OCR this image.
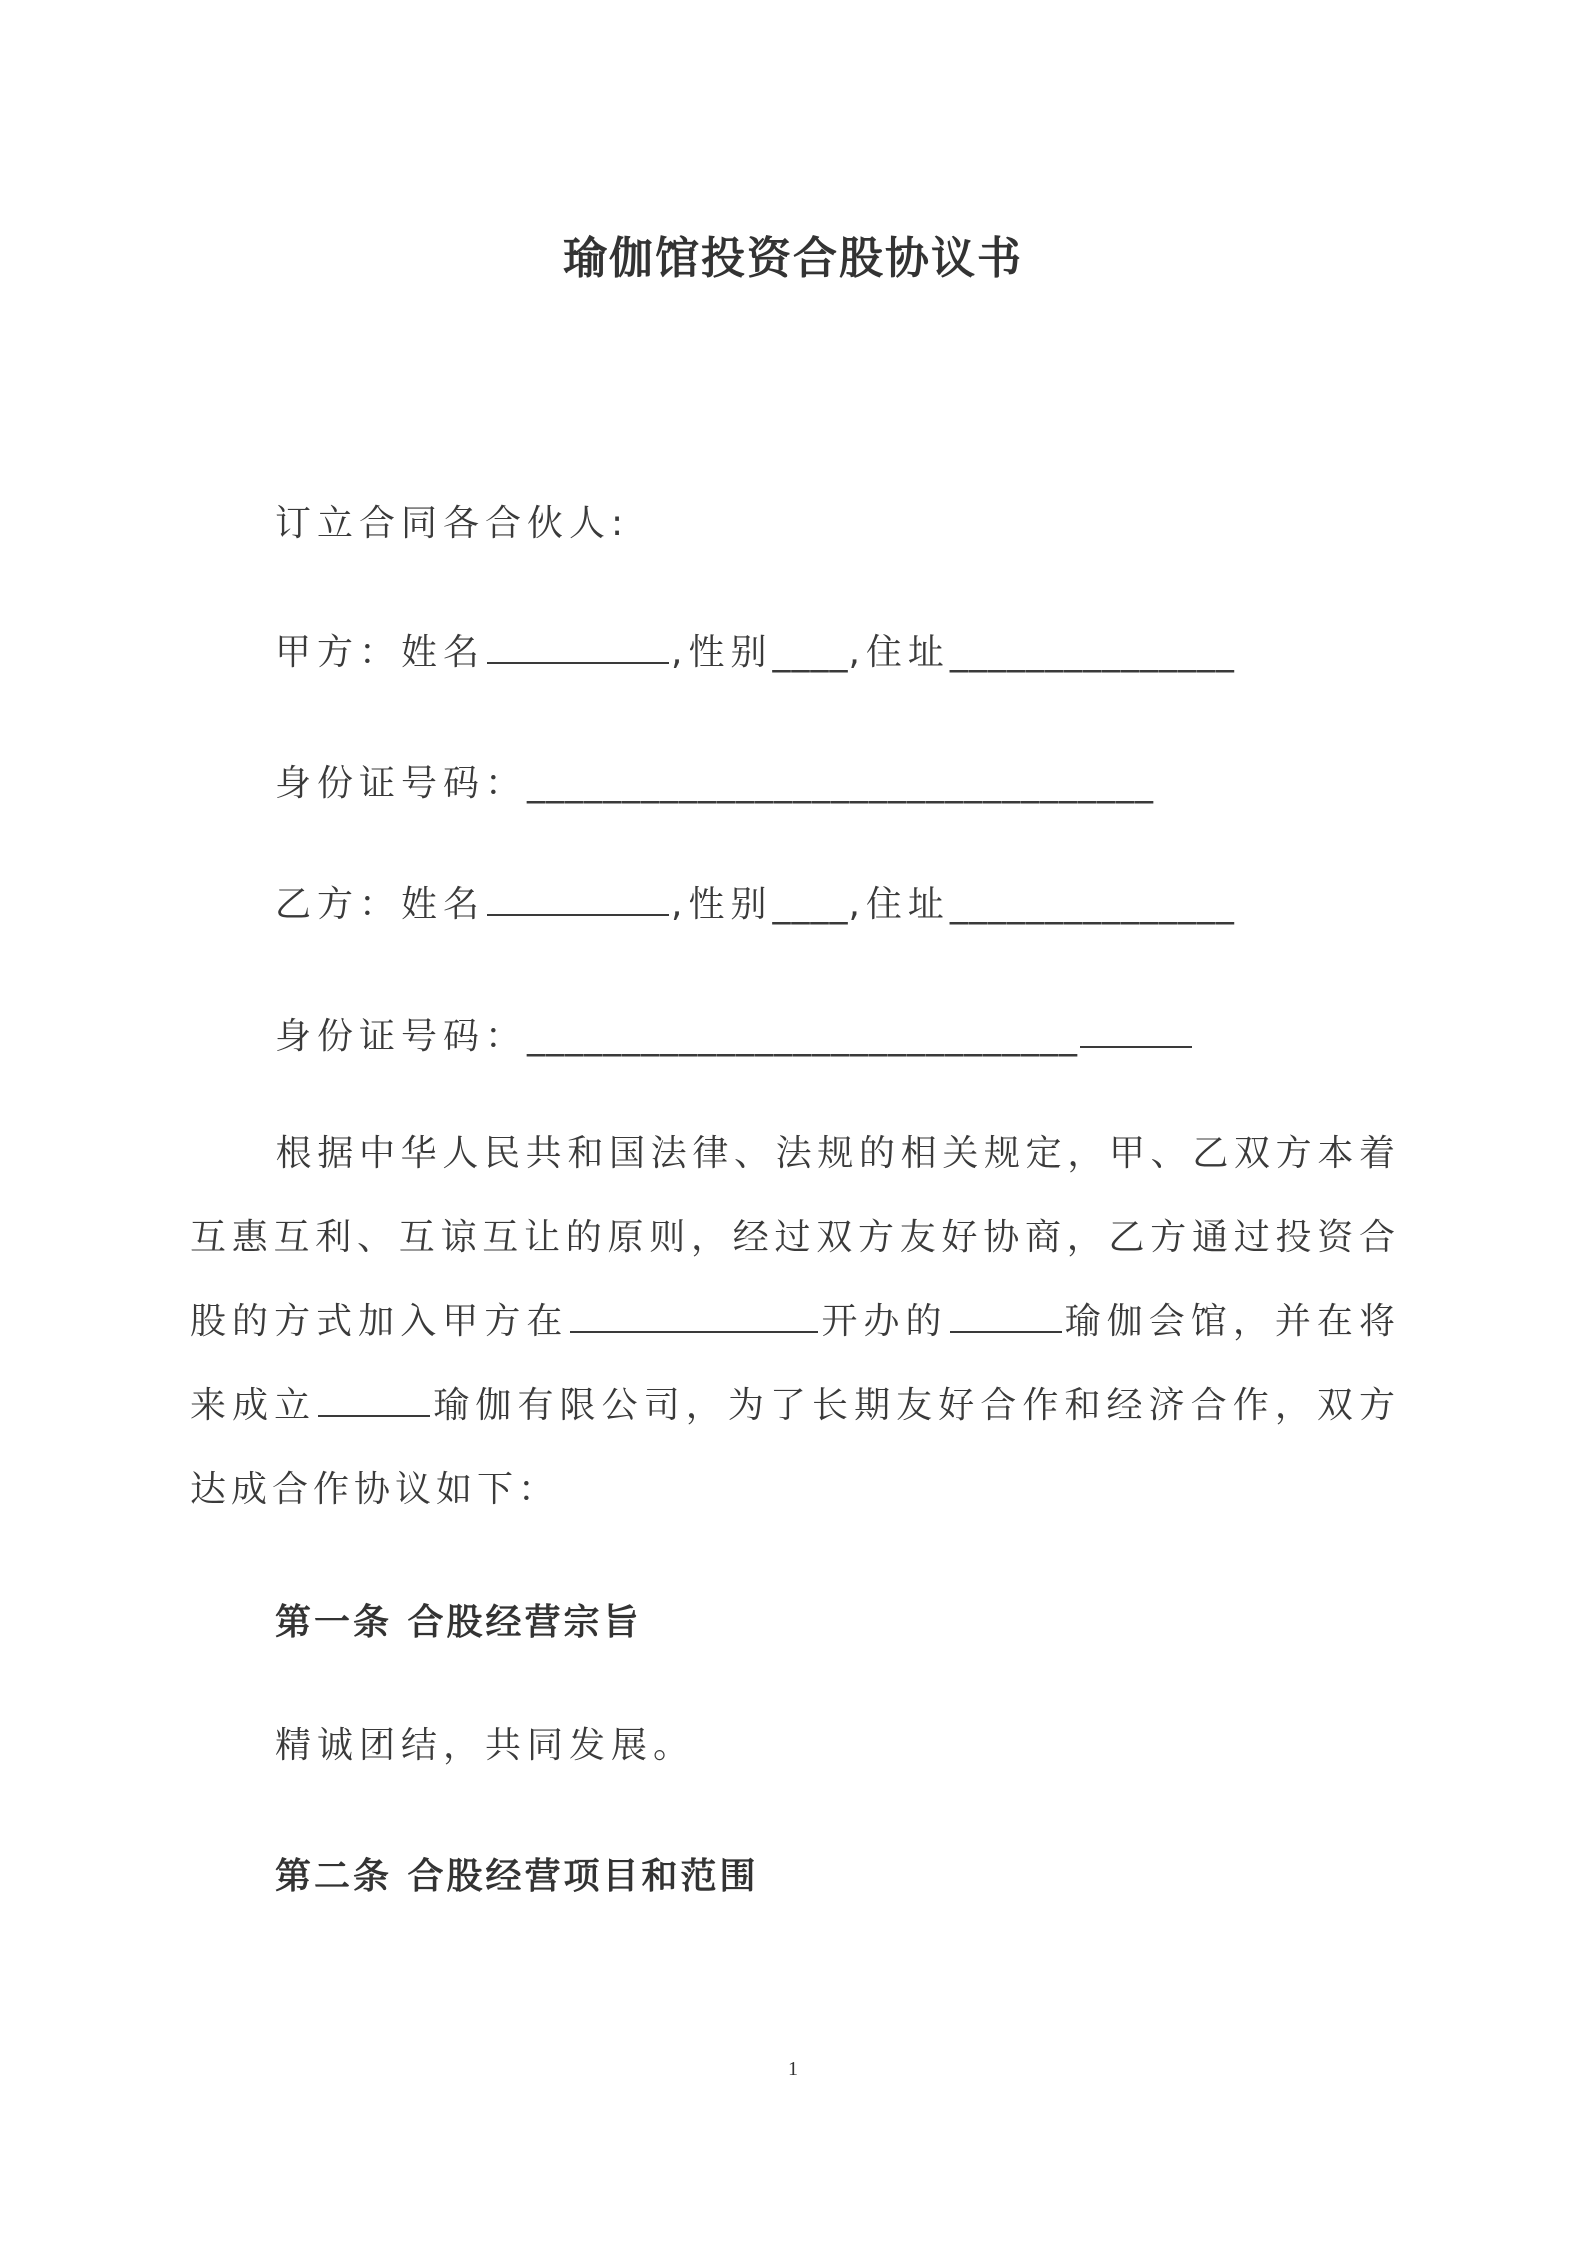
瑜伽馆投资合股协议书
订立合同各合伙人:
甲方：姓名	,性别____,住址_______________
身份证号码：_________________________________
乙方：姓名	,性别____,住址_______________
身份证号码：_____________________________
根据中华人民共和国法律、法规的相关规定，甲、乙双方本着互惠互利、互谅互让的原则，经过双方友好协商，乙方通过投资合股的方式加入甲方在	开办的	瑜伽会馆，并在将来成立	瑜伽有限公司，为了长期友好合作和经济合作，双方达成合作协议如下：
第一条 合股经营宗旨
精诚团结，共同发展。
第二条 合股经营项目和范围
1
